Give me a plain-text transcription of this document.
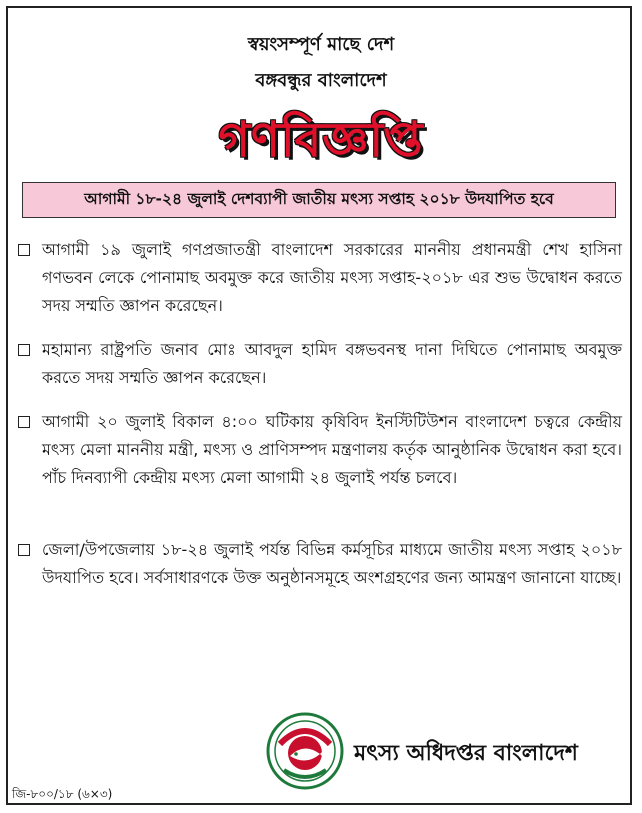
স্বয়ংসম্পূর্ণ মাছে দেশ
বঙ্গবন্ধুর বাংলাদেশ
গণবিজ্ঞপ্তি
আগামী ১৮-২৪ জুলাই দেশব্যাপী জাতীয় মৎস্য সপ্তাহ ২০১৮ উদযাপিত হবে
আগামী ১৯ জুলাই গণপ্রজাতন্ত্রী বাংলাদেশ সরকারের মাননীয় প্রধানমন্ত্রী শেখ হাসিনা গণভবন লেকে পোনামাছ অবমুক্ত করে জাতীয় মৎস্য সপ্তাহ-২০১৮ এর শুভ উদ্বোধন করতে সদয় সম্মতি জ্ঞাপন করেছেন।
মহামান্য রাষ্ট্রপতি জনাব মোঃ আবদুল হামিদ বঙ্গভবনস্থ দানা দিঘিতে পোনামাছ অবমুক্ত করতে সদয় সম্মতি জ্ঞাপন করেছেন।
আগামী ২০ জুলাই বিকাল ৪:০০ ঘটিকায় কৃষিবিদ ইনস্টিটিউশন বাংলাদেশ চত্বরে কেন্দ্রীয় মৎস্য মেলা মাননীয় মন্ত্রী, মৎস্য ও প্রাণিসম্পদ মন্ত্রণালয় কর্তৃক আনুষ্ঠানিক উদ্বোধন করা হবে। পাঁচ দিনব্যাপী কেন্দ্রীয় মৎস্য মেলা আগামী ২৪ জুলাই পর্যন্ত চলবে।
জেলা/উপজেলায় ১৮-২৪ জুলাই পর্যন্ত বিভিন্ন কর্মসূচির মাধ্যমে জাতীয় মৎস্য সপ্তাহ ২০১৮ উদযাপিত হবে। সর্বসাধারণকে উক্ত অনুষ্ঠানসমূহে অংশগ্রহণের জন্য আমন্ত্রণ জানানো যাচ্ছে।
মৎস্য অধিদপ্তর বাংলাদেশ
জি-৮০০/১৮ (৬×৩)
